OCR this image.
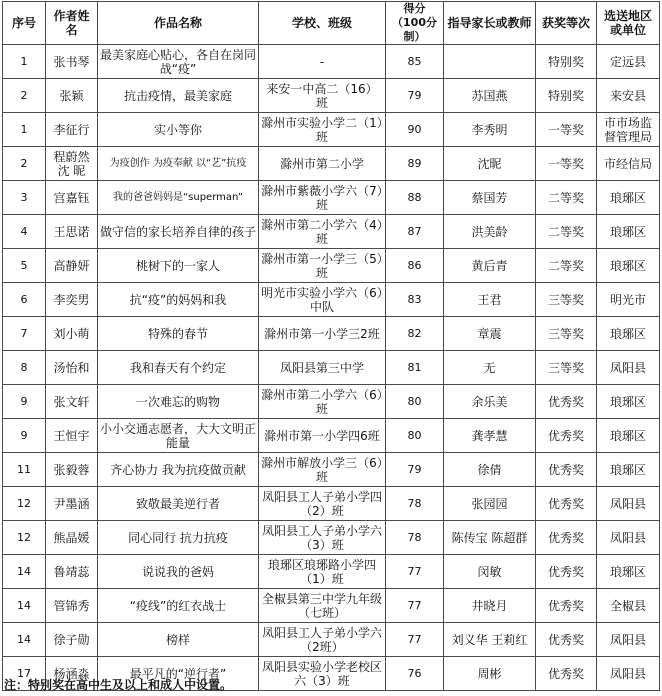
序号	作者姓名	作品名称	学校、班级	得分（100分制）	指导家长或教师	获奖等次	选送地区或单位
1	张书琴	最美家庭心贴心，各自在岗同战“疫”	-	85		特别奖	定远县
2	张颖	抗击疫情，最美家庭	来安一中高二（16）班	79	苏国燕	特别奖	来安县
1	李征行	实小等你	滁州市实验小学二（1）班	90	李秀明	一等奖	市市场监督管理局
2	程蔚然 沈 昵	为疫创作 为疫奉献 以“艺”抗疫	滁州市第二小学	89	沈昵	一等奖	市经信局
3	宫嘉钰	我的爸爸妈妈是“superman”	滁州市紫薇小学六（7）班	88	蔡国芳	二等奖	琅琊区
4	王思诺	做守信的家长培养自律的孩子	滁州市第二小学六（4）班	87	洪美龄	二等奖	琅琊区
5	高静妍	桃树下的一家人	滁州市第一小学三（5）班	86	黄后青	二等奖	琅琊区
6	李奕男	抗“疫”的妈妈和我	明光市实验小学六（6）中队	83	王君	三等奖	明光市
7	刘小萌	特殊的春节	滁州市第一小学三2班	82	章震	三等奖	琅琊区
8	汤怡和	我和春天有个约定	凤阳县第三中学	81	无	三等奖	凤阳县
9	张文轩	一次难忘的购物	滁州市第二小学六（6）班	80	余乐美	优秀奖	琅琊区
9	王恒宇	小小交通志愿者，大大文明正能量	滁州市第一小学四6班	80	龚孝慧	优秀奖	琅琊区
11	张毅蓉	齐心协力 我为抗疫做贡献	滁州市解放小学三（6）班	79	徐倩	优秀奖	琅琊区
12	尹墨涵	致敬最美逆行者	凤阳县工人子弟小学四（2）班	78	张园园	优秀奖	凤阳县
12	熊晶媛	同心同行 抗力抗疫	凤阳县工人子弟小学六（3）班	78	陈传宝 陈超群	优秀奖	凤阳县
14	鲁靖蕊	说说我的爸妈	琅琊区琅琊路小学四（1）班	77	闵敏	优秀奖	琅琊区
14	管锦秀	“疫线”的红衣战士	全椒县第三中学九年级（七班）	77	井晓月	优秀奖	全椒县
14	徐子勋	榜样	凤阳县工人子弟小学六（2班）	77	刘义华 王莉红	优秀奖	凤阳县
17	杨涵淼	最平凡的“逆行者”	凤阳县实验小学老校区六（3）班	76	周彬	优秀奖	凤阳县
注：特别奖在高中生及以上和成人中设置。
